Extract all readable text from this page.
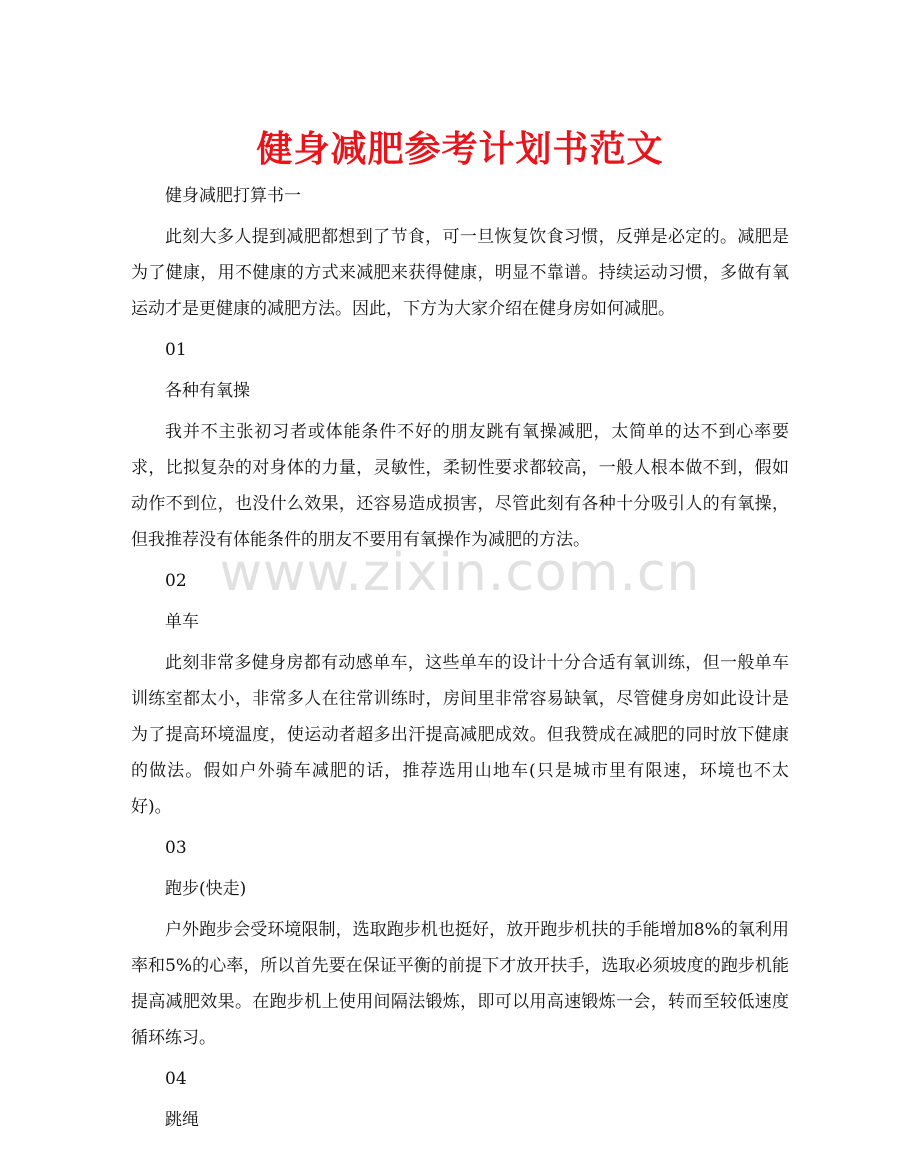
健身减肥参考计划书范文

健身减肥打算书一

此刻大多人提到减肥都想到了节食，可一旦恢复饮食习惯，反弹是必定的。减肥是为了健康，用不健康的方式来减肥来获得健康，明显不靠谱。持续运动习惯，多做有氧运动才是更健康的减肥方法。因此，下方为大家介绍在健身房如何减肥。

01

各种有氧操

我并不主张初习者或体能条件不好的朋友跳有氧操减肥，太简单的达不到心率要求，比拟复杂的对身体的力量，灵敏性，柔韧性要求都较高，一般人根本做不到，假如动作不到位，也没什么效果，还容易造成损害，尽管此刻有各种十分吸引人的有氧操，但我推荐没有体能条件的朋友不要用有氧操作为减肥的方法。

02

单车

此刻非常多健身房都有动感单车，这些单车的设计十分合适有氧训练，但一般单车训练室都太小，非常多人在往常训练时，房间里非常容易缺氧，尽管健身房如此设计是为了提高环境温度，使运动者超多出汗提高减肥成效。但我赞成在减肥的同时放下健康的做法。假如户外骑车减肥的话，推荐选用山地车(只是城市里有限速，环境也不太好)。

03

跑步(快走)

户外跑步会受环境限制，选取跑步机也挺好，放开跑步机扶的手能增加8%的氧利用率和5%的心率，所以首先要在保证平衡的前提下才放开扶手，选取必须坡度的跑步机能提高减肥效果。在跑步机上使用间隔法锻炼，即可以用高速锻炼一会，转而至较低速度循环练习。

04

跳绳

www.zixin.com.cn
